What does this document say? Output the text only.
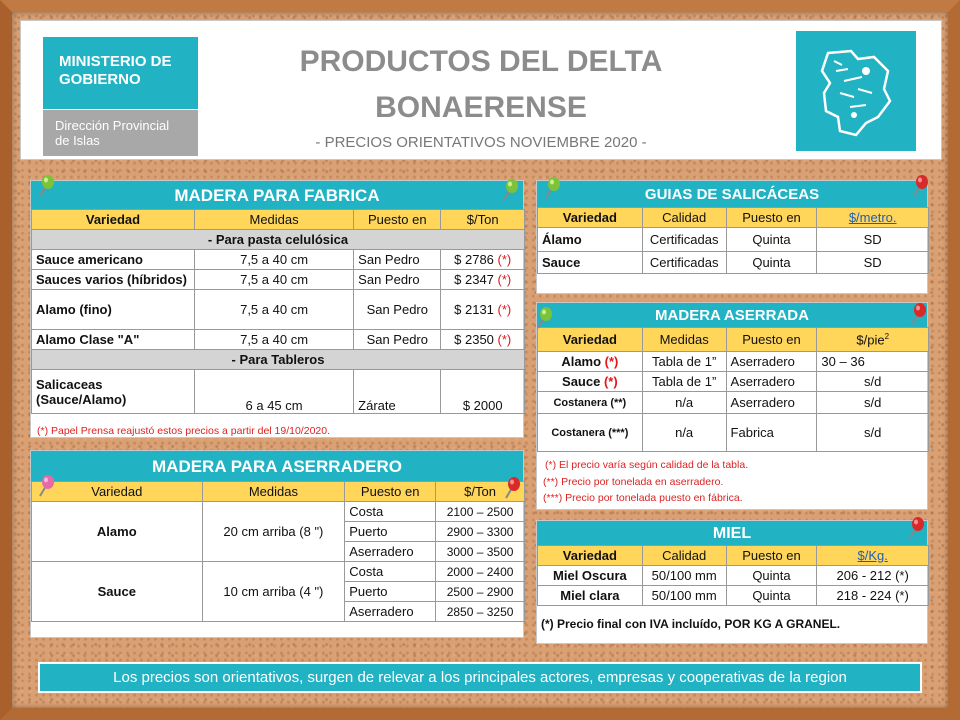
MINISTERIO DE
GOBIERNO
Dirección Provincial
de Islas
PRODUCTOS DEL DELTA
BONAERENSE
- PRECIOS ORIENTATIVOS NOVIEMBRE 2020 -
MADERA PARA FABRICA
Variedad	Medidas	Puesto en	$/Ton
- Para pasta celulósica			
Sauce americano	7,5 a 40 cm	San Pedro	$ 2786 (*)
Sauces varios (híbridos)	7,5 a 40 cm	San Pedro	$ 2347 (*)
Alamo (fino)	7,5 a 40 cm	San Pedro	$ 2131 (*)
Alamo Clase "A"	7,5 a 40 cm	San Pedro	$ 2350 (*)
- Para Tableros			

Salicaceas
(Sauce/Alamo)	6 a 45 cm	Zárate	$ 2000
(*) Papel Prensa reajustó estos precios a partir del 19/10/2020.
MADERA PARA ASERRADERO
Variedad	Medidas	Puesto en	$/Ton
Alamo	20 cm arriba (8 ")	Costa	2100 – 2500
		Puerto	2900 – 3300
		Aserradero	3000 – 3500
Sauce	10 cm arriba (4 ")	Costa	2000 – 2400
		Puerto	2500 – 2900
		Aserradero	2850 – 3250
GUIAS DE SALICÁCEAS
Variedad	Calidad	Puesto en	$/metro.
Álamo	Certificadas	Quinta	SD
Sauce	Certificadas	Quinta	SD
MADERA ASERRADA
Variedad	Medidas	Puesto en	$/pie$^2$
Alamo (*)	Tabla de 1”	Aserradero	30 – 36
Sauce (*)	Tabla de 1”	Aserradero	s/d
Costanera (**)	n/a	Aserradero	s/d
Costanera (***)	n/a	Fabrica	s/d
(*) El precio varía según calidad de la tabla.
(**) Precio por tonelada en aserradero.
(***) Precio por tonelada puesto en fábrica.
MIEL
Variedad	Calidad	Puesto en	$/Kg.
Miel Oscura	50/100 mm	Quinta	206 - 212 (*)
Miel clara	50/100 mm	Quinta	218 - 224 (*)
(*) Precio final con IVA incluído, POR KG A GRANEL.
Los precios son orientativos, surgen de relevar a los principales actores, empresas y cooperativas de la region
